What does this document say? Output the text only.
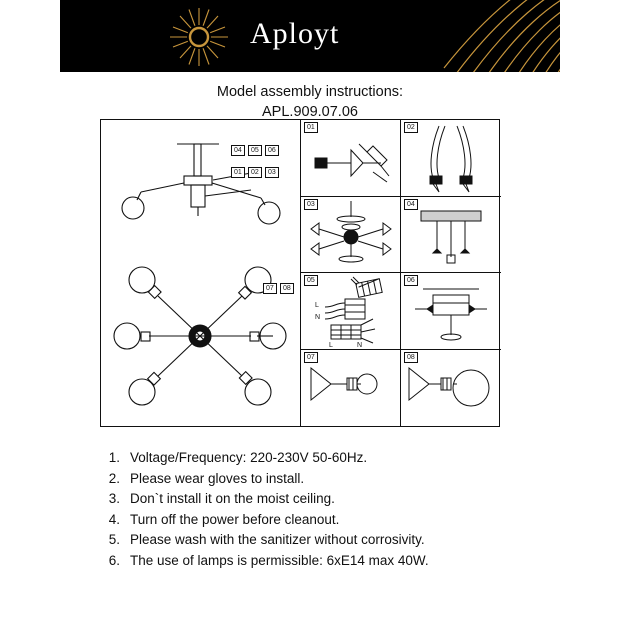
Aployt
Model assembly instructions:
APL.909.07.06
04	05	06
01	02	03
07	08
01	02
03	04
05
L
N
L	N
06
07	08
1. Voltage/Frequency: 220-230V 50-60Hz.
2. Please wear gloves to install.
3. Don`t install it on the moist ceiling.
4. Turn off the power before cleanout.
5. Please wash with the sanitizer without corrosivity.
6. The use of lamps is permissible: 6xE14 max 40W.
